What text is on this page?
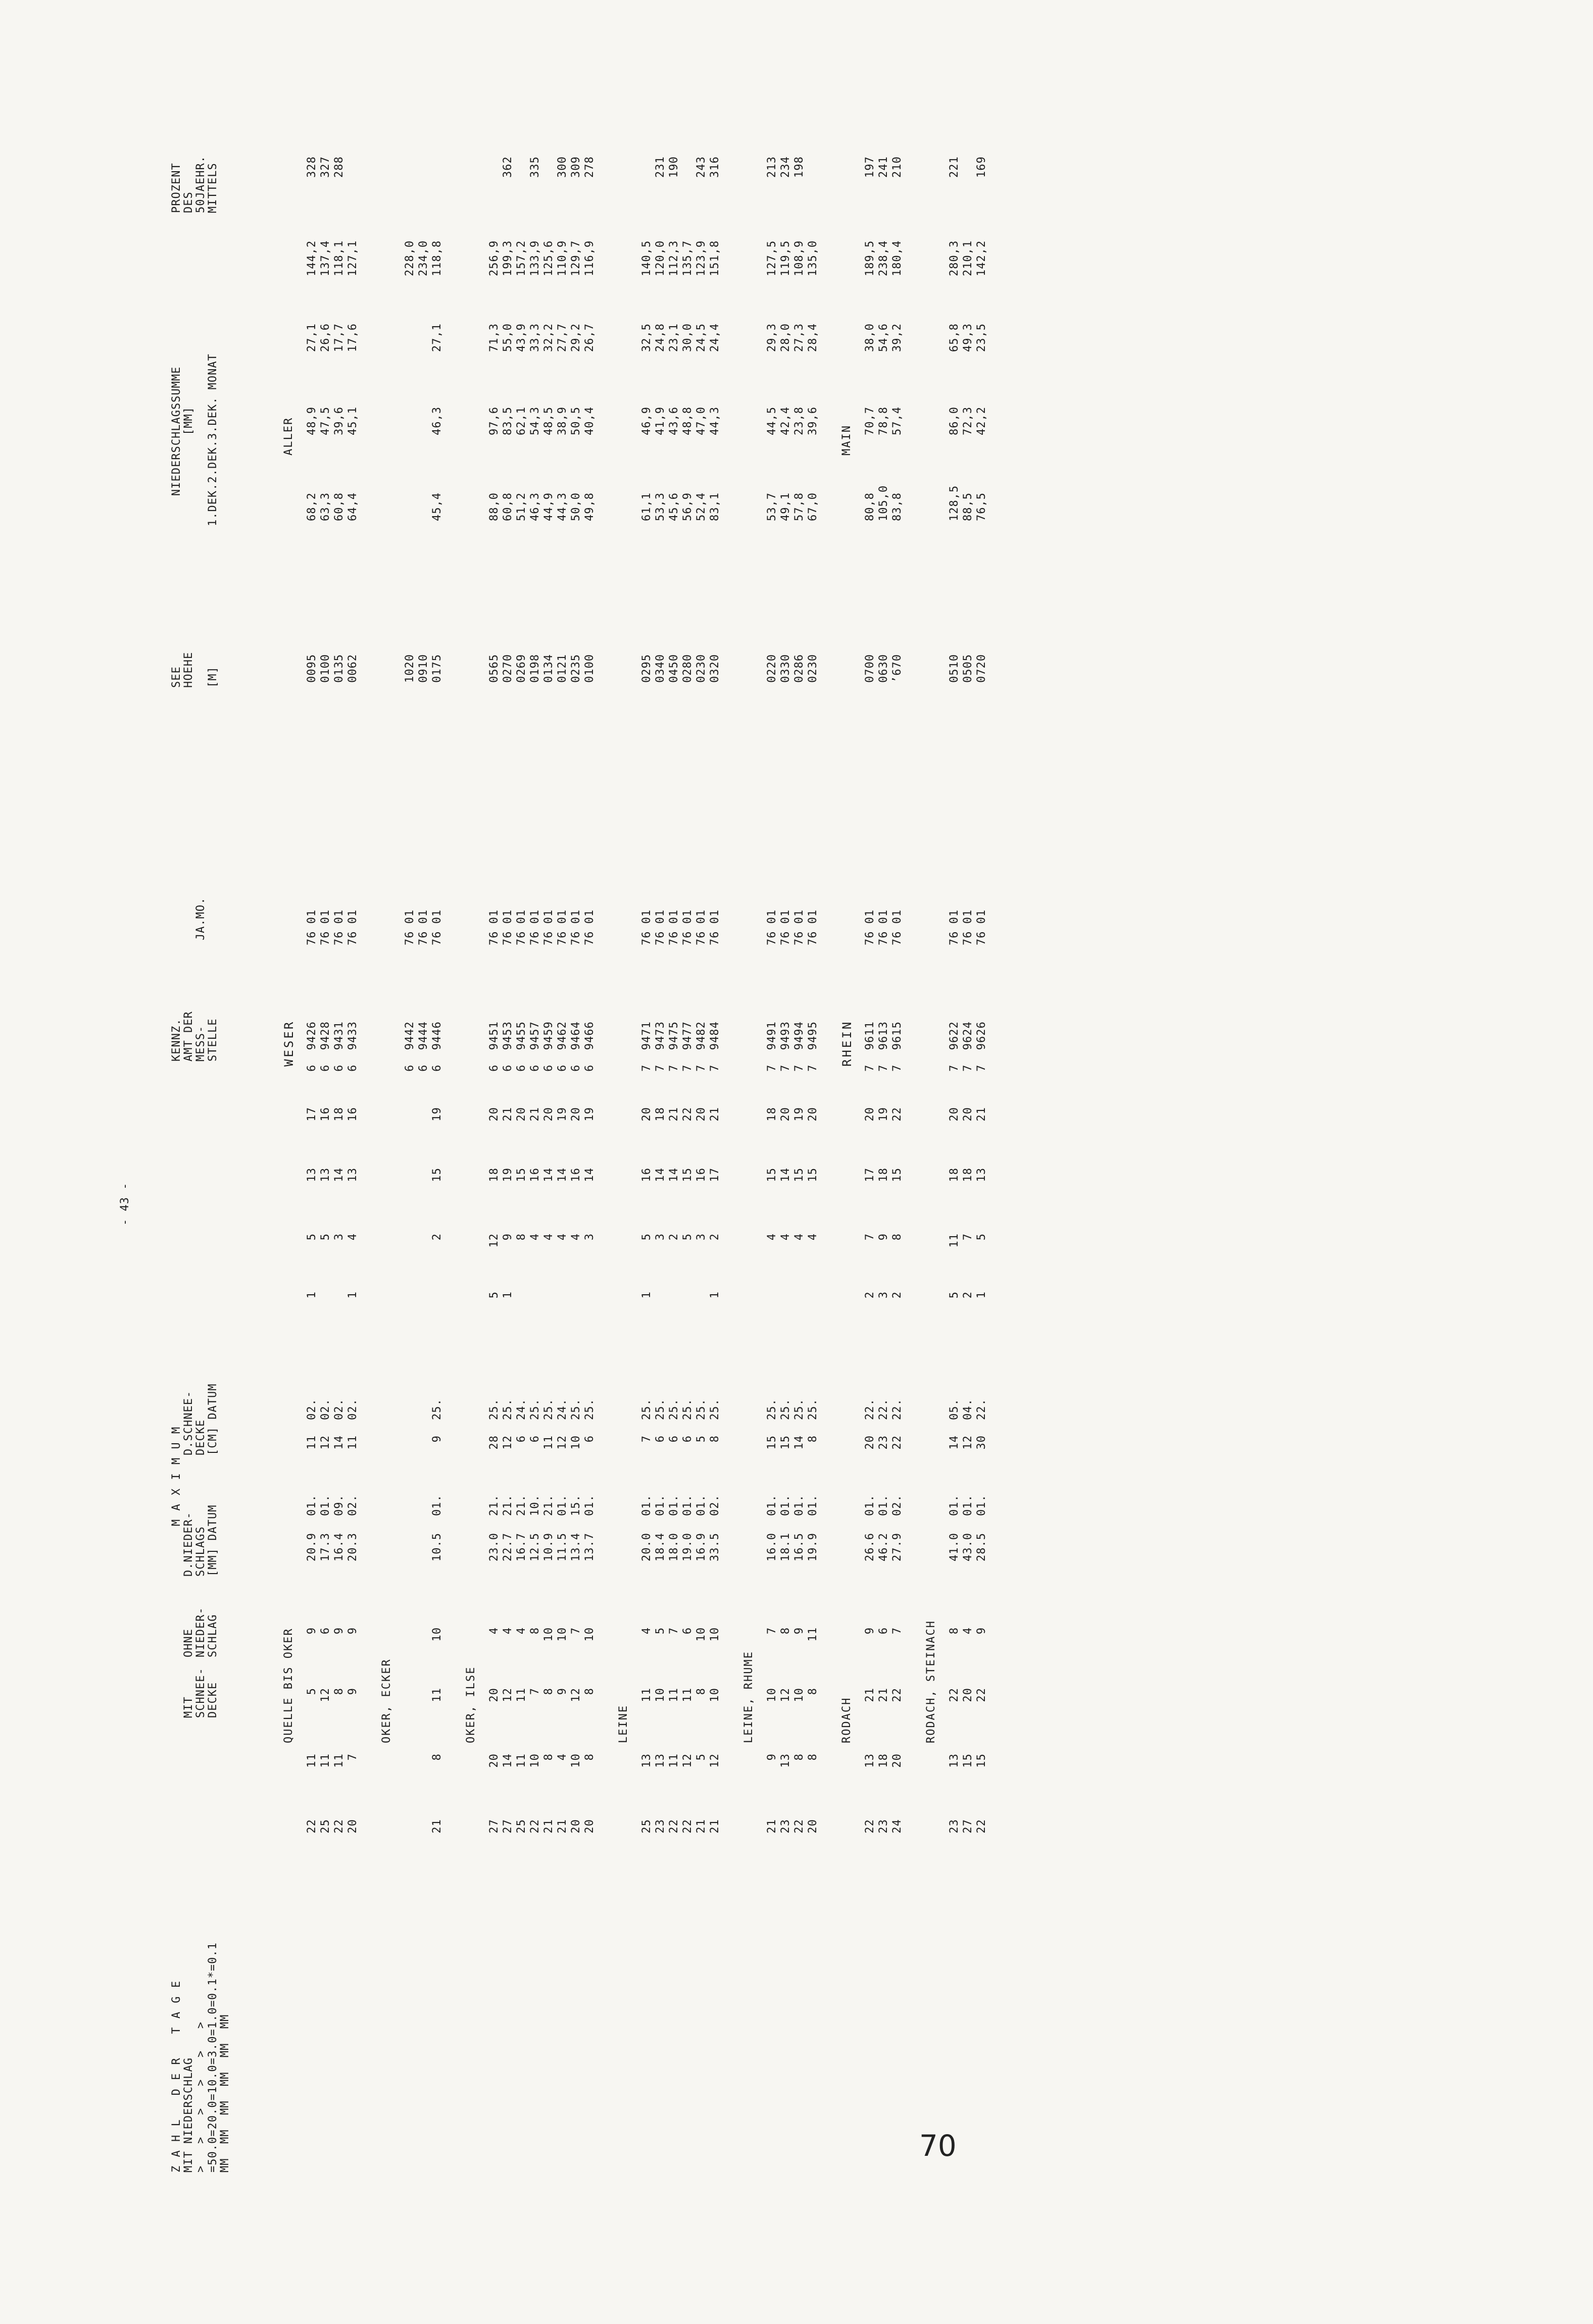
- 43 -
KENNZ. AMT DER MESS- STELLE
JA.MO.
SEE HOEHE [M]
NIEDERSCHLAGSSUMME [MM] 1.DEK.2.DEK.3.DEK. MONAT
PROZENT DES 50JAEHR. MITTELS
Z A H L   D E R   T A G E MIT NIEDERSCHLAG >   >   >   >   >   > =50.0=20.0=10.0=3.0=1.0=0.1*=0.1 MM  MM  MM  MM  MM  MM
MIT SCHNEE- DECKE
OHNE NIEDER- SCHLAG
M A X I M U M
D.NIEDER- SCHLAGS [MM] DATUM
D.SCHNEE- DECKE [CM] DATUM
WESER
ALLER
QUELLE BIS OKER
6  9426
76 01
0095
68,2
48,9
27,1
144,2
328
1
5
13
17
22
11
5
9
20.9
01.
11
02.
6  9428
76 01
0100
63,3
47,5
26,6
137,4
327
5
13
16
25
11
12
6
17.3
01.
12
02.
6  9431
76 01
0135
60,8
39,6
17,7
118,1
288
3
14
18
22
11
8
9
16.4
09.
14
02.
6  9433
76 01
0062
64,4
45,1
17,6
127,1
1
4
13
16
20
7
9
9
20.3
02.
11
02.
OKER, ECKER
6  9442
76 01
1020
228,0
6  9444
76 01
0910
234,0
6  9446
76 01
0175
45,4
46,3
27,1
118,8
2
15
19
21
8
11
10
10.5
01.
9
25.
OKER, ILSE
6  9451
76 01
0565
88,0
97,6
71,3
256,9
5
12
18
20
27
20
20
4
23.0
21.
28
25.
6  9453
76 01
0270
60,8
83,5
55,0
199,3
362
1
9
19
21
27
14
12
4
22.7
21.
12
25.
6  9455
76 01
0269
51,2
62,1
43,9
157,2
8
15
20
25
11
11
4
16.7
21.
6
24.
6  9457
76 01
0198
46,3
54,3
33,3
133,9
335
4
16
21
22
10
7
8
12.5
10.
6
25.
6  9459
76 01
0134
44,9
48,5
32,2
125,6
4
14
20
21
8
8
10
10.9
21.
11
25.
6  9462
76 01
0121
44,3
38,9
27,7
110,9
300
4
14
19
21
4
9
10
11.5
01.
12
24.
6  9464
76 01
0235
50,0
50,5
29,2
129,7
309
4
16
20
20
10
12
7
13.4
15.
10
25.
6  9466
76 01
0100
49,8
40,4
26,7
116,9
278
3
14
19
20
8
8
10
13.7
01.
6
25.
LEINE
7  9471
76 01
0295
61,1
46,9
32,5
140,5
1
5
16
20
25
13
11
4
20.0
01.
7
25.
7  9473
76 01
0340
53,3
41,9
24,8
120,0
231
3
14
18
23
13
10
5
18.4
01.
6
25.
7  9475
76 01
0450
45,6
43,6
23,1
112,3
190
2
14
21
22
11
11
7
18.0
01.
6
25.
7  9477
76 01
0280
56,9
48,8
30,0
135,7
5
15
22
22
12
11
6
19.0
01.
6
25.
7  9482
76 01
0230
52,4
47,0
24,5
123,9
243
3
16
20
21
5
8
10
16.9
01.
5
25.
7  9484
76 01
0320
83,1
44,3
24,4
151,8
316
1
2
17
21
21
12
10
10
33.5
02.
8
25.
LEINE, RHUME
7  9491
76 01
0220
53,7
44,5
29,3
127,5
213
4
15
18
21
9
10
7
16.0
01.
15
25.
7  9493
76 01
0330
49,1
42,4
28,0
119,5
234
4
14
20
23
13
12
8
18.1
01.
15
25.
7  9494
76 01
0286
57,8
23,8
27,3
108,9
198
4
15
19
22
8
10
9
16.5
01.
14
25.
7  9495
76 01
0230
67,0
39,6
28,4
135,0
4
15
20
20
8
8
11
19.9
01.
8
25.
RHEIN
MAIN
RODACH
7  9611
76 01
0700
80,8
70,7
38,0
189,5
197
2
7
17
20
22
13
21
9
26.6
01.
20
22.
7  9613
76 01
0630
105,0
78,8
54,6
238,4
241
3
9
18
19
23
18
21
6
46.2
01.
23
22.
7  9615
76 01
’670
83,8
57,4
39,2
180,4
210
2
8
15
22
24
20
22
7
27.9
02.
22
22.
RODACH, STEINACH
7  9622
76 01
0510
128,5
86,0
65,8
280,3
221
5
11
18
20
23
13
22
8
41.0
01.
14
05.
7  9624
76 01
0505
88,5
72,3
49,3
210,1
2
7
18
20
27
15
20
4
43.0
01.
12
04.
7  9626
76 01
0720
76,5
42,2
23,5
142,2
169
1
5
13
21
22
15
22
9
28.5
01.
30
22.
70
